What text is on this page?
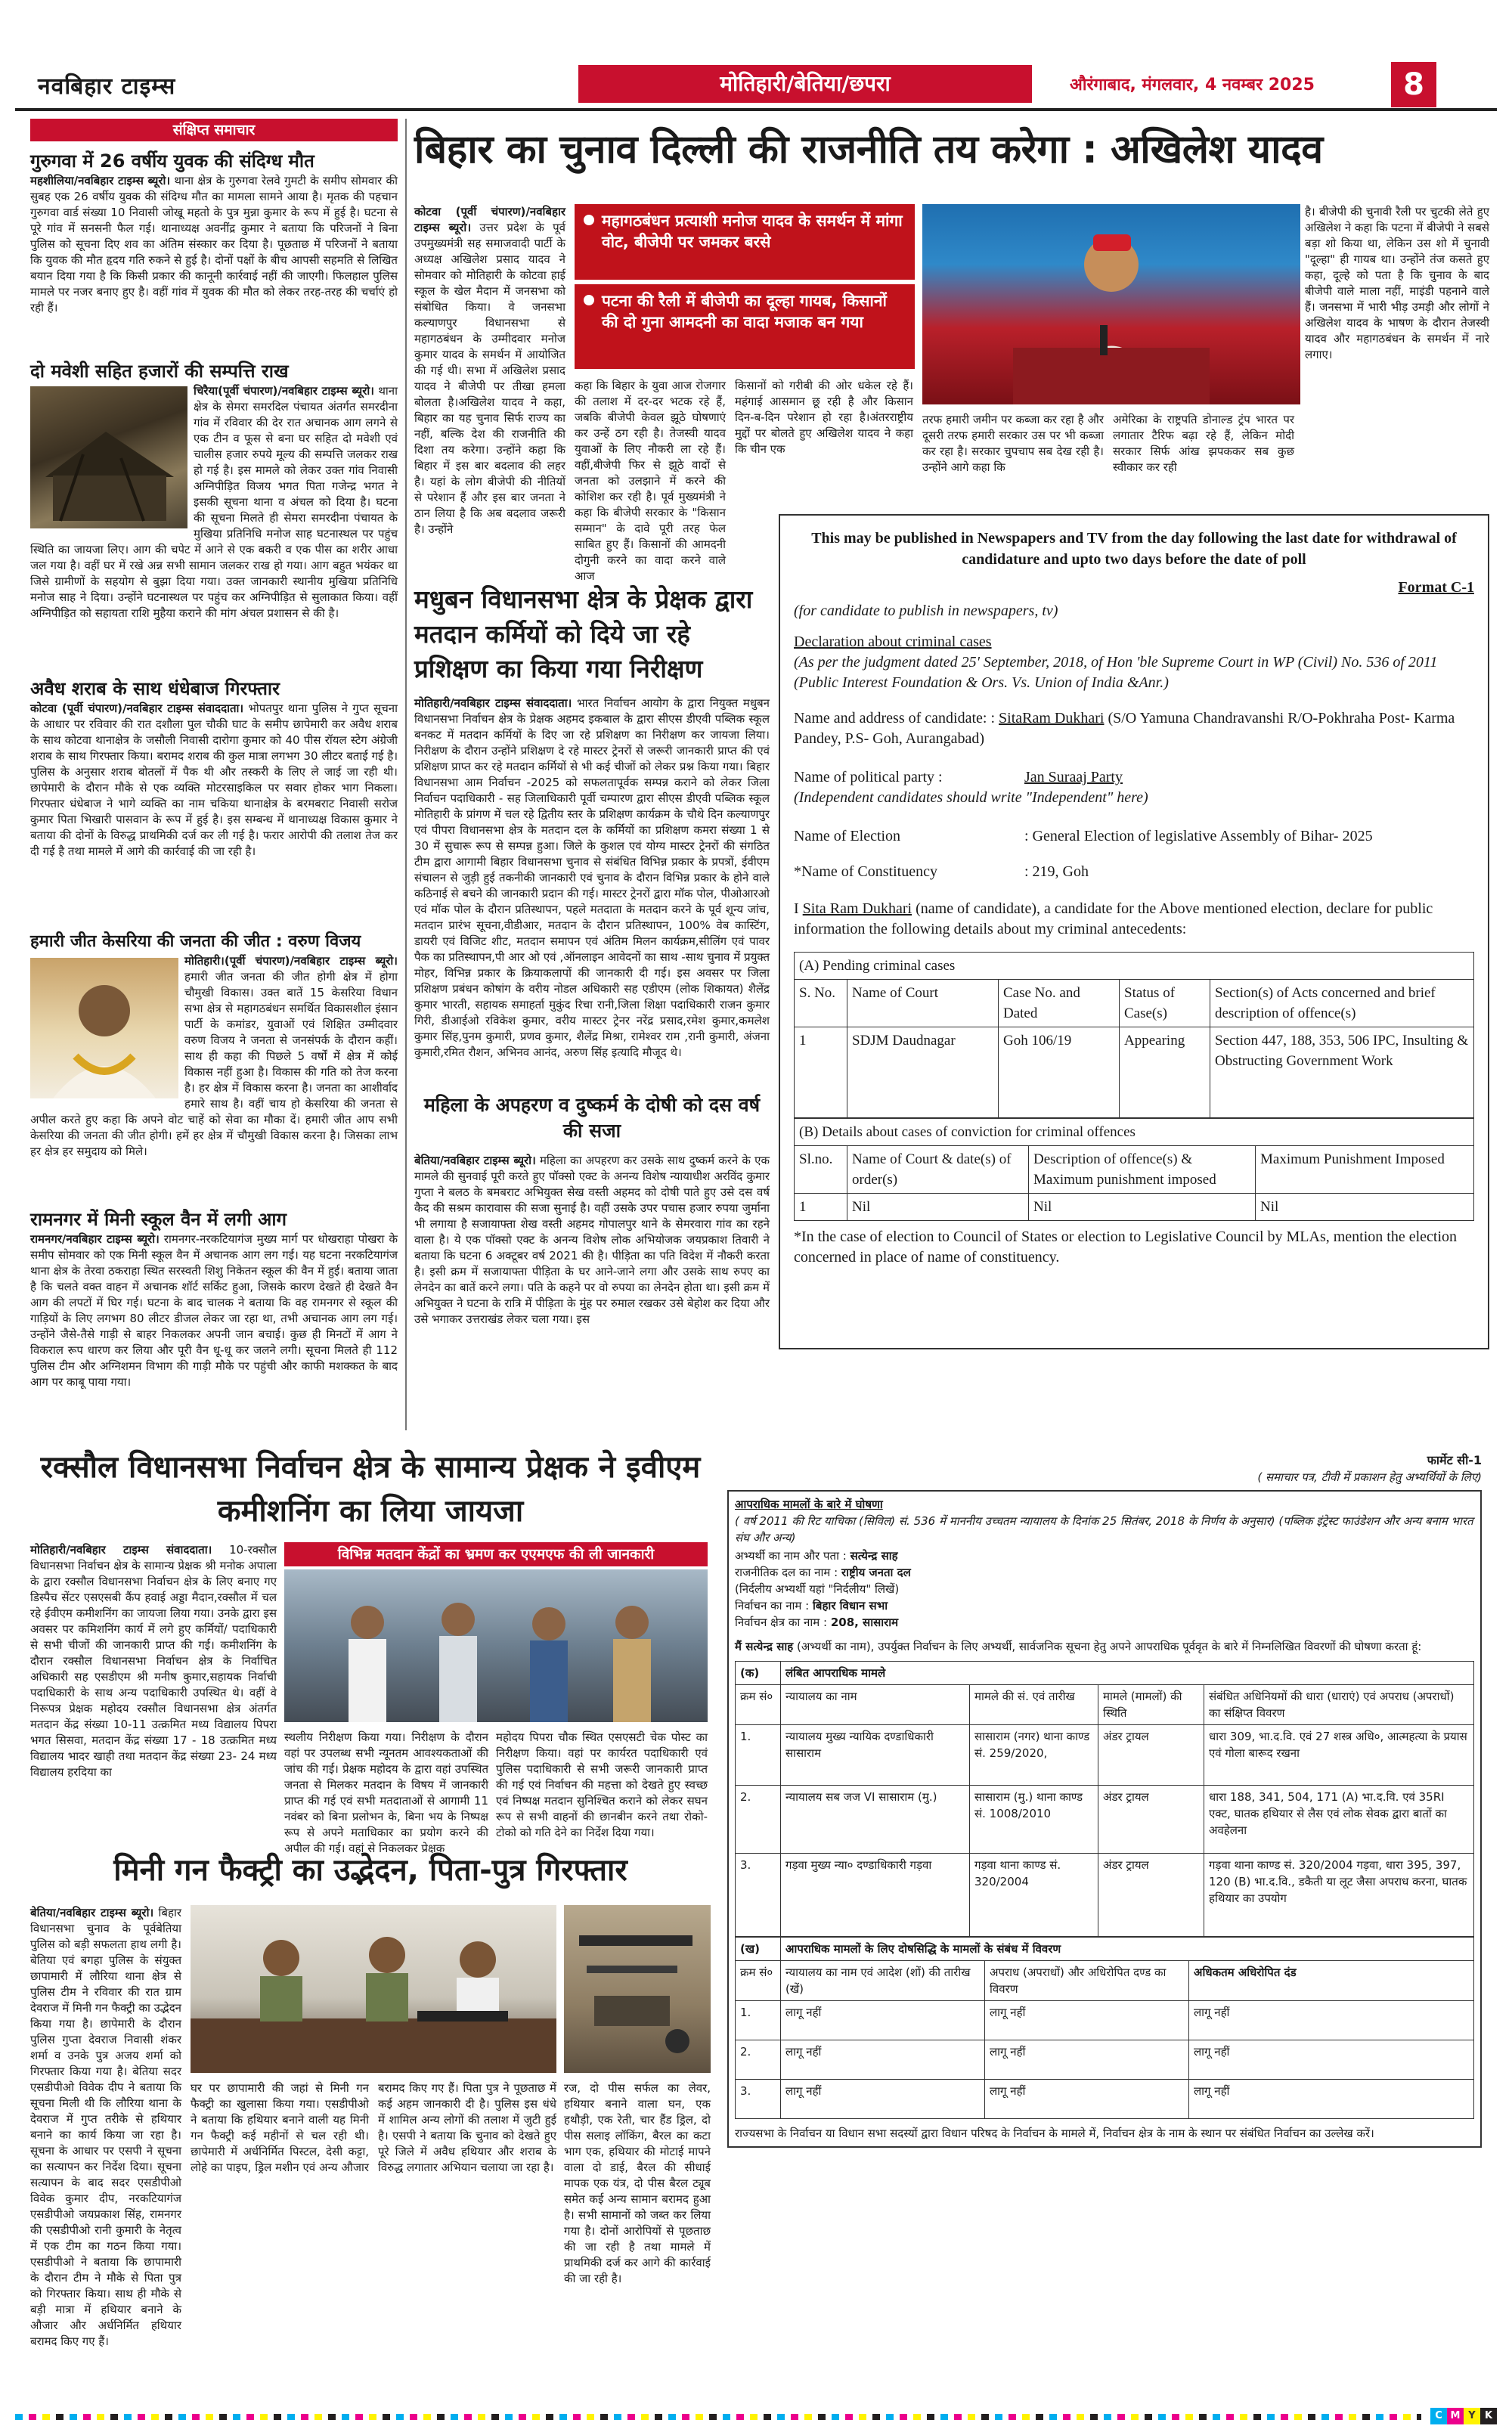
नवबिहार टाइम्स	मोतिहारी/बेतिया/छपरा	औरंगाबाद, मंगलवार, 4 नवम्बर 2025	8
संक्षिप्त समाचार
गुरुगवा में 26 वर्षीय युवक की संदिग्ध मौत
महशीलिया/नवबिहार टाइम्स ब्यूरो। थाना क्षेत्र के गुरुगवा रेलवे गुमटी के समीप सोमवार की सुबह एक 26 वर्षीय युवक की संदिग्ध मौत का मामला सामने आया है। मृतक की पहचान गुरुगवा वार्ड संख्या 10 निवासी जोखू महतो के पुत्र मुन्ना कुमार के रूप में हुई है। घटना से पूरे गांव में सनसनी फैल गई। थानाध्यक्ष अवनींद्र कुमार ने बताया कि परिजनों ने बिना पुलिस को सूचना दिए शव का अंतिम संस्कार कर दिया है। पूछताछ में परिजनों ने बताया कि युवक की मौत हृदय गति रुकने से हुई है। दोनों पक्षों के बीच आपसी सहमति से लिखित बयान दिया गया है कि किसी प्रकार की कानूनी कार्रवाई नहीं की जाएगी। फिलहाल पुलिस मामले पर नजर बनाए हुए है। वहीं गांव में युवक की मौत को लेकर तरह-तरह की चर्चाएं हो रही हैं।
दो मवेशी सहित हजारों की सम्पत्ति राख
चिरैया(पूर्वी चंपारण)/नवबिहार टाइम्स ब्यूरो। थाना क्षेत्र के सेमरा समरदिल पंचायत अंतर्गत समरदीना गांव में रविवार की देर रात अचानक आग लगने से एक टीन व फूस से बना घर सहित दो मवेशी एवं चालीस हजार रुपये मूल्य की सम्पत्ति जलकर राख हो गई है। इस मामले को लेकर उक्त गांव निवासी अग्निपीड़ित विजय भगत पिता गजेन्द्र भगत ने इसकी सूचना थाना व अंचल को दिया है। घटना की सूचना मिलते ही सेमरा समरदीना पंचायत के मुखिया प्रतिनिधि मनोज साह घटनास्थल पर पहुंच स्थिति का जायजा लिए। आग की चपेट में आने से एक बकरी व एक पीस का शरीर आधा जल गया है। वहीं घर में रखे अन्न सभी सामान जलकर राख हो गया। आग बहुत भयंकर था जिसे ग्रामीणों के सहयोग से बुझा दिया गया। उक्त जानकारी स्थानीय मुखिया प्रतिनिधि मनोज साह ने दिया। उन्होंने घटनास्थल पर पहुंच कर अग्निपीड़ित से सुलाकात किया। वहीं अग्निपीड़ित को सहायता राशि मुहैया कराने की मांग अंचल प्रशासन से की है।
अवैध शराब के साथ धंधेबाज गिरफ्तार
कोटवा (पूर्वी चंपारण)/नवबिहार टाइम्स संवाददाता। भोपतपुर थाना पुलिस ने गुप्त सूचना के आधार पर रविवार की रात दशौला पुल चौकी घाट के समीप छापेमारी कर अवैध शराब के साथ कोटवा थानाक्षेत्र के जसौली निवासी दारोगा कुमार को 40 पीस रॉयल स्टेग अंग्रेजी शराब के साथ गिरफ्तार किया। बरामद शराब की कुल मात्रा लगभग 30 लीटर बताई गई है। पुलिस के अनुसार शराब बोतलों में पैक थी और तस्करी के लिए ले जाई जा रही थी। छापेमारी के दौरान मौके से एक व्यक्ति मोटरसाइकिल पर सवार होकर भाग निकला। गिरफ्तार धंधेबाज ने भागे व्यक्ति का नाम चकिया थानाक्षेत्र के बरमबराट निवासी सरोज कुमार पिता भिखारी पासवान के रूप में हुई है। इस सम्बन्ध में थानाध्यक्ष विकास कुमार ने बताया की दोनों के विरुद्ध प्राथमिकी दर्ज कर ली गई है। फरार आरोपी की तलाश तेज कर दी गई है तथा मामले में आगे की कार्रवाई की जा रही है।
हमारी जीत केसरिया की जनता की जीत : वरुण विजय
मोतिहारी।(पूर्वी चंपारण)/नवबिहार टाइम्स ब्यूरो। हमारी जीत जनता की जीत होगी क्षेत्र में होगा चौमुखी विकास। उक्त बातें 15 केसरिया विधान सभा क्षेत्र से महागठबंधन समर्थित विकासशील इंसान पार्टी के कमांडर, युवाओं एवं शिक्षित उम्मीदवार वरुण विजय ने जनता से जनसंपर्क के दौरान कहीं। साथ ही कहा की पिछले 5 वर्षों में क्षेत्र में कोई विकास नहीं हुआ है। विकास की गति को तेज करना है। हर क्षेत्र में विकास करना है। जनता का आशीर्वाद हमारे साथ है। वहीं चाय हो केसरिया की जनता से अपील करते हुए कहा कि अपने वोट चाहें को सेवा का मौका दें। हमारी जीत आप सभी केसरिया की जनता की जीत होगी। हमें हर क्षेत्र में चौमुखी विकास करना है। जिसका लाभ हर क्षेत्र हर समुदाय को मिले।
रामनगर में मिनी स्कूल वैन में लगी आग
रामनगर/नवबिहार टाइम्स ब्यूरो। रामनगर-नरकटियागंज मुख्य मार्ग पर धोखराहा पोखरा के समीप सोमवार को एक मिनी स्कूल वैन में अचानक आग लग गई। यह घटना नरकटियागंज थाना क्षेत्र के तेरवा ठकराहा स्थित सरस्वती शिशु निकेतन स्कूल की वैन में हुई। बताया जाता है कि चलते वक्त वाहन में अचानक शॉर्ट सर्किट हुआ, जिसके कारण देखते ही देखते वैन आग की लपटों में घिर गई। घटना के बाद चालक ने बताया कि वह रामनगर से स्कूल की गाड़ियों के लिए लगभग 80 लीटर डीजल लेकर जा रहा था, तभी अचानक आग लग गई। उन्होंने जैसे-तैसे गाड़ी से बाहर निकलकर अपनी जान बचाई। कुछ ही मिनटों में आग ने विकराल रूप धारण कर लिया और पूरी वैन धू-धू कर जलने लगी। सूचना मिलते ही 112 पुलिस टीम और अग्निशमन विभाग की गाड़ी मौके पर पहुंची और काफी मशक्कत के बाद आग पर काबू पाया गया।
बिहार का चुनाव दिल्ली की राजनीति तय करेगा : अखिलेश यादव
कोटवा (पूर्वी चंपारण)/नवबिहार टाइम्स ब्यूरो। उत्तर प्रदेश के पूर्व उपमुख्यमंत्री सह समाजवादी पार्टी के अध्यक्ष अखिलेश प्रसाद यादव ने सोमवार को मोतिहारी के कोटवा हाई स्कूल के खेल मैदान में जनसभा को संबोधित किया। वे जनसभा कल्याणपुर विधानसभा से महागठबंधन के उम्मीदवार मनोज कुमार यादव के समर्थन में आयोजित की गई थी। सभा में अखिलेश प्रसाद यादव ने बीजेपी पर तीखा हमला बोलता है।अखिलेश यादव ने कहा, बिहार का यह चुनाव सिर्फ राज्य का नहीं, बल्कि देश की राजनीति की दिशा तय करेगा। उन्होंने कहा कि बिहार में इस बार बदलाव की लहर है। यहां के लोग बीजेपी की नीतियों से परेशान हैं और इस बार जनता ने ठान लिया है कि अब बदलाव जरूरी है। उन्होंने
महागठबंधन प्रत्याशी मनोज यादव के समर्थन में मांगा वोट, बीजेपी पर जमकर बरसे
पटना की रैली में बीजेपी का दूल्हा गायब, किसानों की दो गुना आमदनी का वादा मजाक बन गया
कहा कि बिहार के युवा आज रोजगार की तलाश में दर-दर भटक रहे हैं, जबकि बीजेपी केवल झूठे घोषणाएं कर उन्हें ठग रही है। तेजस्वी यादव युवाओं के लिए नौकरी ला रहे हैं। वहीं,बीजेपी फिर से झूठे वादों से जनता को उलझाने में करने की कोशिश कर रही है। पूर्व मुख्यमंत्री ने कहा कि बीजेपी सरकार के "किसान सम्मान" के दावे पूरी तरह फेल साबित हुए हैं। किसानों की आमदनी दोगुनी करने का वादा करने वाले आज
किसानों को गरीबी की ओर धकेल रहे हैं। महंगाई आसमान छू रही है और किसान दिन-ब-दिन परेशान हो रहा है।अंतरराष्ट्रीय मुद्दों पर बोलते हुए अखिलेश यादव ने कहा कि चीन एक
तरफ हमारी जमीन पर कब्जा कर रहा है और दूसरी तरफ हमारी सरकार उस पर भी कब्जा कर रहा है। सरकार चुपचाप सब देख रही है।उन्होंने आगे कहा कि
अमेरिका के राष्ट्रपति डोनाल्ड ट्रंप भारत पर लगातार टैरिफ बढ़ा रहे हैं, लेकिन मोदी सरकार सिर्फ आंख झपककर सब कुछ स्वीकार कर रही
है। बीजेपी की चुनावी रैली पर चुटकी लेते हुए अखिलेश ने कहा कि पटना में बीजेपी ने सबसे बड़ा शो किया था, लेकिन उस शो में चुनावी "दूल्हा" ही गायब था। उन्होंने तंज कसते हुए कहा, दूल्हे को पता है कि चुनाव के बाद बीजेपी वाले माला नहीं, माइंडी पहनाने वाले हैं। जनसभा में भारी भीड़ उमड़ी और लोगों ने अखिलेश यादव के भाषण के दौरान तेजस्वी यादव और महागठबंधन के समर्थन में नारे लगाए।
मधुबन विधानसभा क्षेत्र के प्रेक्षक द्वारा मतदान कर्मियों को दिये जा रहे प्रशिक्षण का किया गया निरीक्षण
मोतिहारी/नवबिहार टाइम्स संवाददाता। भारत निर्वाचन आयोग के द्वारा नियुक्त मधुबन विधानसभा निर्वाचन क्षेत्र के प्रेक्षक अहमद इकबाल के द्वारा सीएस डीएवी पब्लिक स्कूल बनकट में मतदान कर्मियों के दिए जा रहे प्रशिक्षण का निरीक्षण कर जायजा लिया। निरीक्षण के दौरान उन्होंने प्रशिक्षण दे रहे मास्टर ट्रेनरों से जरूरी जानकारी प्राप्त की एवं प्रशिक्षण प्राप्त कर रहे मतदान कर्मियों से भी कई चीजों को लेकर प्रश्न किया गया। बिहार विधानसभा आम निर्वाचन -2025 को सफलतापूर्वक सम्पन्न कराने को लेकर जिला निर्वाचन पदाधिकारी - सह जिलाधिकारी पूर्वी चम्पारण द्वारा सीएस डीएवी पब्लिक स्कूल मोतिहारी के प्रांगण में चल रहे द्वितीय स्तर के प्रशिक्षण कार्यक्रम के चौथे दिन कल्याणपुर एवं पीपरा विधानसभा क्षेत्र के मतदान दल के कर्मियों का प्रशिक्षण कमरा संख्या 1 से 30 में सुचारू रूप से सम्पन्न हुआ। जिले के कुशल एवं योग्य मास्टर ट्रेनरों की संगठित टीम द्वारा आगामी बिहार विधानसभा चुनाव से संबंधित विभिन्न प्रकार के प्रपत्रों, ईवीएम संचालन से जुड़ी हुई तकनीकी जानकारी एवं चुनाव के दौरान विभिन्न प्रकार के होने वाले कठिनाई से बचने की जानकारी प्रदान की गई। मास्टर ट्रेनरों द्वारा मॉक पोल, पीओआरओ एवं मॉक पोल के दौरान प्रतिस्थापन, पहले मतदाता के मतदान करने के पूर्व शून्य जांच, मतदान प्रारंभ सूचना,वीडीआर, मतदान के दौरान प्रतिस्थापन, 100% वेब कास्टिंग, डायरी एवं विजिट शीट, मतदान समापन एवं अंतिम मिलन कार्यक्रम,सीलिंग एवं पावर पैक का प्रतिस्थापन,पी आर ओ एवं ,ऑनलाइन आवेदनों का साथ -साथ चुनाव में प्रयुक्त मोहर, विभिन्न प्रकार के क्रियाकलापों की जानकारी दी गई। इस अवसर पर जिला प्रशिक्षण प्रबंधन कोषांग के वरीय नोडल अधिकारी सह एडीएम (लोक शिकायत) शैलेंद्र कुमार भारती, सहायक समाहर्ता मुकुंद रिचा रानी,जिला शिक्षा पदाधिकारी राजन कुमार गिरी, डीआईओ रविकेश कुमार, वरीय मास्टर ट्रेनर नरेंद्र प्रसाद,रमेश कुमार,कमलेश कुमार सिंह,पुनम कुमारी, प्रणव कुमार, शैलेंद्र मिश्रा, रामेश्वर राम ,रानी कुमारी, अंजना कुमारी,रमित रौशन, अभिनव आनंद, अरुण सिंह इत्यादि मौजूद थे।
महिला के अपहरण व दुष्कर्म के दोषी को दस वर्ष की सजा
बेतिया/नवबिहार टाइम्स ब्यूरो। महिला का अपहरण कर उसके साथ दुष्कर्म करने के एक मामले की सुनवाई पूरी करते हुए पॉक्सो एक्ट के अनन्य विशेष न्यायाधीश अरविंद कुमार गुप्ता ने बलठ के बमबराट अभियुक्त सेख वस्ती अहमद को दोषी पाते हुए उसे दस वर्ष कैद की सश्रम कारावास की सजा सुनाई है। वहीं उसके उपर पचास हजार रुपया जुर्माना भी लगाया है सजायाफ्ता शेख वस्ती अहमद गोपालपुर थाने के सेमरवारा गांव का रहने वाला है। ये एक पॉक्सो एक्ट के अनन्य विशेष लोक अभियोजक जयप्रकाश तिवारी ने बताया कि घटना 6 अक्टूबर वर्ष 2021 की है। पीड़िता का पति विदेश में नौकरी करता है। इसी क्रम में सजायाफ्ता पीड़िता के घर आने-जाने लगा और उसके साथ रुपए का लेनदेन का बातें करने लगा। पति के कहने पर वो रुपया का लेनदेन होता था। इसी क्रम में अभियुक्त ने घटना के रात्रि में पीड़िता के मुंह पर रुमाल रखकर उसे बेहोश कर दिया और उसे भगाकर उत्तराखंड लेकर चला गया। इस
This may be published in Newspapers and TV from the day following the last date for withdrawal of candidature and upto two days before the date of poll
Format C-1
(for candidate to publish in newspapers, tv)
Declaration about criminal cases
(As per the judgment dated 25' September, 2018, of Hon 'ble Supreme Court in WP (Civil) No. 536 of 2011 (Public Interest Foundation & Ors. Vs. Union of India &Anr.)
Name and address of candidate: : SitaRam Dukhari (S/O Yamuna Chandravanshi R/O-Pokhraha Post- Karma Pandey, P.S- Goh, Aurangabad)
Name of political party :	Jan Suraaj Party
(Independent candidates should write "Independent" here)
Name of Election	: General Election of legislative Assembly of Bihar- 2025
*Name of Constituency	: 219, Goh
I Sita Ram Dukhari (name of candidate), a candidate for the Above mentioned election, declare for public information the following details about my criminal antecedents:
(A) Pending criminal cases				
S. No.	Name of Court	Case No. and Dated	Status of Case(s)	Section(s) of Acts concerned and brief description of offence(s)
1	SDJM Daudnagar	Goh 106/19	Appearing	Section 447, 188, 353, 506 IPC, Insulting & Obstructing Government Work
(B) Details about cases of conviction for criminal offences			
Sl.no.	Name of Court & date(s) of order(s)	Description of offence(s) & Maximum punishment imposed	Maximum Punishment Imposed
1	Nil	Nil	Nil
*In the case of election to Council of States or election to Legislative Council by MLAs, mention the election concerned in place of name of constituency.
रक्सौल विधानसभा निर्वाचन क्षेत्र के सामान्य प्रेक्षक ने इवीएम कमीशनिंग का लिया जायजा
मोतिहारी/नवबिहार टाइम्स संवाददाता। 10-रक्सौल विधानसभा निर्वाचन क्षेत्र के सामान्य प्रेक्षक श्री मनोक अपाला के द्वारा रक्सौल विधानसभा निर्वाचन क्षेत्र के लिए बनाए गए डिस्पैच सेंटर एसएसबी कैंप हवाई अड्डा मैदान,रक्सौल में चल रहे ईवीएम कमीशनिंग का जायजा लिया गया। उनके द्वारा इस अवसर पर कमिशनिंग कार्य में लगे हुए कर्मियों/ पदाधिकारी से सभी चीजों की जानकारी प्राप्त की गई। कमीशनिंग के दौरान रक्सौल विधानसभा निर्वाचन क्षेत्र के निर्वाचित अधिकारी सह एसडीएम श्री मनीष कुमार,सहायक निर्वाची पदाधिकारी के साथ अन्य पदाधिकारी उपस्थित थे। वहीं वे निरूपत्र प्रेक्षक महोदय रक्सौल विधानसभा क्षेत्र अंतर्गत मतदान केंद्र संख्या 10-11 उत्क्रमित मध्य विद्यालय पिपरा भगत सिसवा, मतदान केंद्र संख्या 17 - 18 उत्क्रमित मध्य विद्यालय भादर खाही तथा मतदान केंद्र संख्या 23- 24 मध्य विद्यालय हरदिया का
विभिन्न मतदान केंद्रों का भ्रमण कर एएमएफ की ली जानकारी
स्थलीय निरीक्षण किया गया। निरीक्षण के दौरान वहां पर उपलब्ध सभी न्यूनतम आवश्यकताओं की जांच की गई। प्रेक्षक महोदय के द्वारा वहां उपस्थित जनता से मिलकर मतदान के विषय में जानकारी प्राप्त की गई एवं सभी मतदाताओं से आगामी 11 नवंबर को बिना प्रलोभन के, बिना भय के निष्पक्ष रूप से अपने मताधिकार का प्रयोग करने की अपील की गई। वहां से निकलकर प्रेक्षक
महोदय पिपरा चौक स्थित एसएसटी चेक पोस्ट का निरीक्षण किया। वहां पर कार्यरत पदाधिकारी एवं पुलिस पदाधिकारी से सभी जरूरी जानकारी प्राप्त की गई एवं निर्वाचन की महत्ता को देखते हुए स्वच्छ एवं निष्पक्ष मतदान सुनिश्चित कराने को लेकर सघन रूप से सभी वाहनों की छानबीन करने तथा रोको-टोको को गति देने का निर्देश दिया गया।
मिनी गन फैक्ट्री का उद्भेदन, पिता-पुत्र गिरफ्तार
बेतिया/नवबिहार टाइम्स ब्यूरो। बिहार विधानसभा चुनाव के पूर्वबेतिया पुलिस को बड़ी सफलता हाथ लगी है। बेतिया एवं बगहा पुलिस के संयुक्त छापामारी में लौरिया थाना क्षेत्र से पुलिस टीम ने रविवार की रात ग्राम देवराज में मिनी गन फैक्ट्री का उद्भेदन किया गया है। छापेमारी के दौरान पुलिस गुप्ता देवराज निवासी शंकर शर्मा व उनके पुत्र अजय शर्मा को गिरफ्तार किया गया है। बेतिया सदर एसडीपीओ विवेक दीप ने बताया कि सूचना मिली थी कि लौरिया थाना के देवराज में गुप्त तरीके से हथियार बनाने का कार्य किया जा रहा है। सूचना के आधार पर एसपी ने सूचना का सत्यापन कर निर्देश दिया। सूचना सत्यापन के बाद सदर एसडीपीओ विवेक कुमार दीप, नरकटियागंज एसडीपीओ जयप्रकाश सिंह, रामनगर की एसडीपीओ रानी कुमारी के नेतृत्व में एक टीम का गठन किया गया। एसडीपीओ ने बताया कि छापामारी के दौरान टीम ने मौके से पिता पुत्र को गिरफ्तार किया। साथ ही मौके से बड़ी मात्रा में हथियार बनाने के औजार और अर्धनिर्मित हथियार बरामद किए गए हैं।
घर पर छापामारी की जहां से मिनी गन फैक्ट्री का खुलासा किया गया। एसडीपीओ ने बताया कि हथियार बनाने वाली यह मिनी गन फैक्ट्री कई महीनों से चल रही थी। छापेमारी में अर्धनिर्मित पिस्टल, देसी कट्टा, लोहे का पाइप, ड्रिल मशीन एवं अन्य औजार बरामद किए गए हैं। पिता पुत्र ने पूछताछ में कई अहम जानकारी दी है। पुलिस इस धंधे में शामिल अन्य लोगों की तलाश में जुटी हुई है। एसपी ने बताया कि चुनाव को देखते हुए पूरे जिले में अवैध हथियार और शराब के विरुद्ध लगातार अभियान चलाया जा रहा है।
रज, दो पीस सर्फल का लेवर, हथियार बनाने वाला घन, एक हथौड़ी, एक रेती, चार हैंड ड्रिल, दो पीस सलाइ लॉकिंग, बैरल का कटा भाग एक, हथियार की मोटाई मापने वाला दो डाई, बैरल की सीधाई मापक एक यंत्र, दो पीस बैरल ट्यूब समेत कई अन्य सामान बरामद हुआ है। सभी सामानों को जब्त कर लिया गया है। दोनों आरोपियों से पूछताछ की जा रही है तथा मामले में प्राथमिकी दर्ज कर आगे की कार्रवाई की जा रही है।
फार्मेट सी-1
( समाचार पत्र, टीवी में प्रकाशन हेतु अभ्यर्थियों के लिए)
आपराधिक मामलों के बारे में घोषणा
( वर्ष 2011 की रिट याचिका (सिविल) सं. 536 में माननीय उच्चतम न्यायालय के दिनांक 25 सितंबर, 2018 के निर्णय के अनुसार) (पब्लिक इंट्रेस्ट फाउंडेशन और अन्य बनाम भारत संघ और अन्य)
अभ्यर्थी का नाम और पता : सत्येन्द्र साह
राजनीतिक दल का नाम : राष्ट्रीय जनता दल
(निर्दलीय अभ्यर्थी यहां "निर्दलीय" लिखें)
निर्वाचन का नाम : बिहार विधान सभा
निर्वाचन क्षेत्र का नाम : 208, सासाराम
मैं सत्येन्द्र साह (अभ्यर्थी का नाम), उपर्युक्त निर्वाचन के लिए अभ्यर्थी, सार्वजनिक सूचना हेतु अपने आपराधिक पूर्ववृत के बारे में निम्नलिखित विवरणों की घोषणा करता हूं:
(क)	लंबित आपराधिक मामले			
क्रम सं०	न्यायालय का नाम	मामले की सं. एवं तारीख	मामले (मामलों) की स्थिति	संबंधित अधिनियमों की धारा (धाराएं) एवं अपराध (अपराधों) का संक्षिप्त विवरण
1.	न्यायालय मुख्य न्यायिक दण्डाधिकारी सासाराम	सासाराम (नगर) थाना काण्ड सं. 259/2020,	अंडर ट्रायल	धारा 309, भा.द.वि. एवं 27 शस्त्र अधि०, आत्महत्या के प्रयास एवं गोला बारूद रखना
2.	न्यायालय सब जज VI सासाराम (मु.)	सासाराम (मु.) थाना काण्ड सं. 1008/2010	अंडर ट्रायल	धारा 188, 341, 504, 171 (A) भा.द.वि. एवं 35RI एक्ट, घातक हथियार से लैस एवं लोक सेवक द्वारा बातों का अवहेलना
3.	गड़वा मुख्य न्या० दण्डाधिकारी गड़वा	गड़वा थाना काण्ड सं. 320/2004	अंडर ट्रायल	गड़वा थाना काण्ड सं. 320/2004 गड़वा, धारा 395, 397, 120 (B) भा.द.वि., डकैती या लूट जैसा अपराध करना, घातक हथियार का उपयोग
(ख)	आपराधिक मामलों के लिए दोषसिद्धि के मामलों के संबंध में विवरण		
क्रम सं०	न्यायालय का नाम एवं आदेश (शों) की तारीख (खें)	अपराध (अपराधों) और अधिरोपित दण्ड का विवरण	अधिकतम अधिरोपित दंड
1.	लागू नहीं	लागू नहीं	लागू नहीं
2.	लागू नहीं	लागू नहीं	लागू नहीं
3.	लागू नहीं	लागू नहीं	लागू नहीं
राज्यसभा के निर्वाचन या विधान सभा सदस्यों द्वारा विधान परिषद के निर्वाचन के मामले में, निर्वाचन क्षेत्र के नाम के स्थान पर संबंधित निर्वाचन का उल्लेख करें।
C M Y K
